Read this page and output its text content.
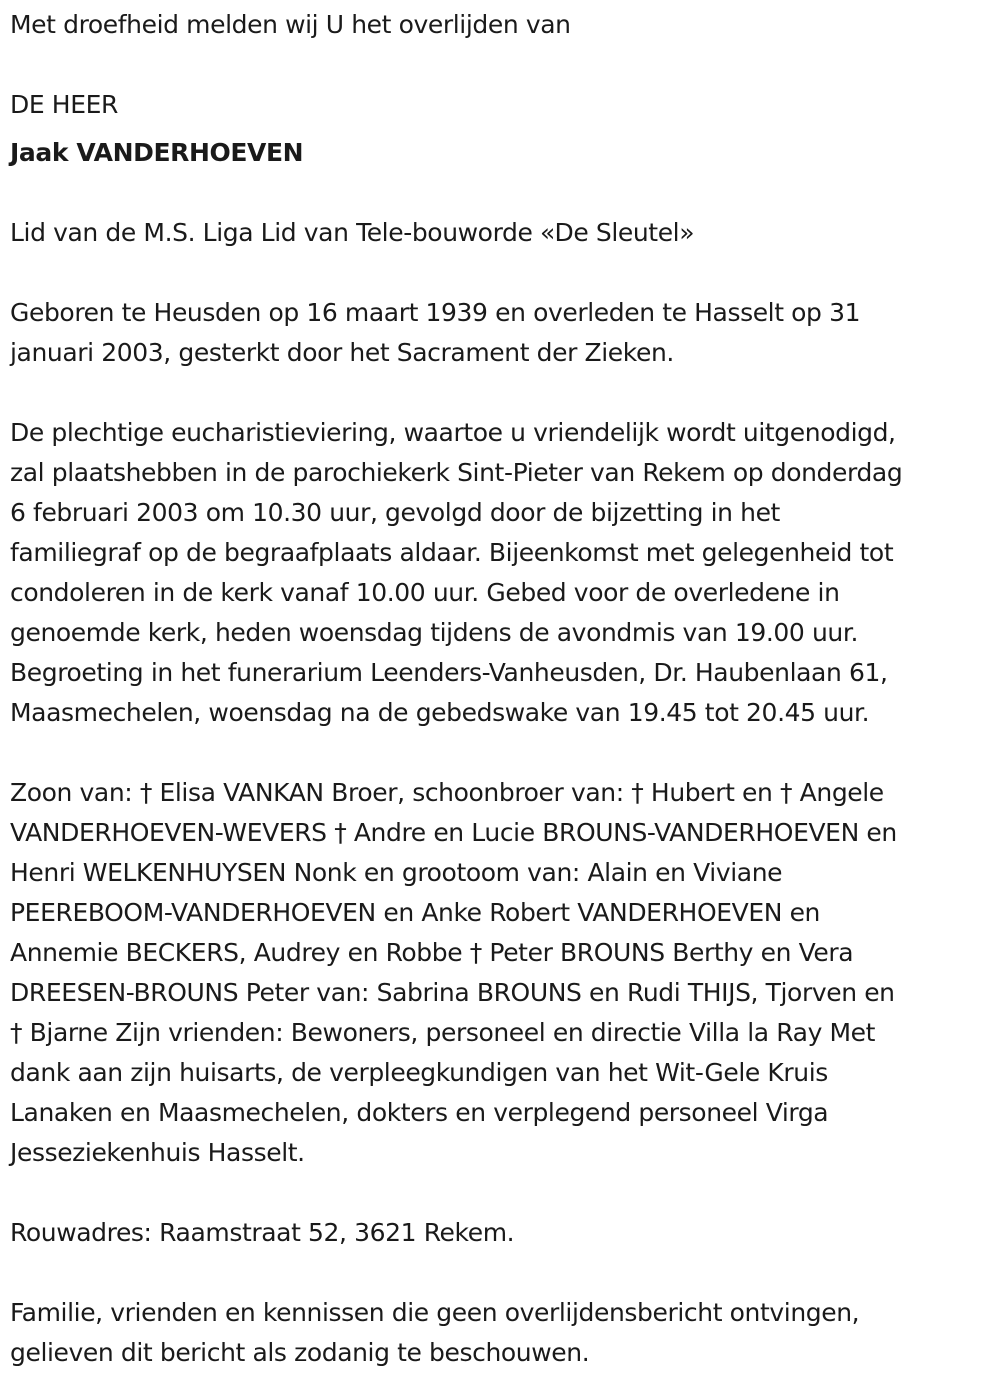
Met droefheid melden wij U het overlijden van

DE HEER

Jaak VANDERHOEVEN

Lid van de M.S. Liga Lid van Tele-bouworde «De Sleutel»

Geboren te Heusden op 16 maart 1939 en overleden te Hasselt op 31
januari 2003, gesterkt door het Sacrament der Zieken.

De plechtige eucharistieviering, waartoe u vriendelijk wordt uitgenodigd,
zal plaatshebben in de parochiekerk Sint-Pieter van Rekem op donderdag
6 februari 2003 om 10.30 uur, gevolgd door de bijzetting in het
familiegraf op de begraafplaats aldaar. Bijeenkomst met gelegenheid tot
condoleren in de kerk vanaf 10.00 uur. Gebed voor de overledene in
genoemde kerk, heden woensdag tijdens de avondmis van 19.00 uur.
Begroeting in het funerarium Leenders-Vanheusden, Dr. Haubenlaan 61,
Maasmechelen, woensdag na de gebedswake van 19.45 tot 20.45 uur.

Zoon van: † Elisa VANKAN Broer, schoonbroer van: † Hubert en † Angele
VANDERHOEVEN-WEVERS † Andre en Lucie BROUNS-VANDERHOEVEN en
Henri WELKENHUYSEN Nonk en grootoom van: Alain en Viviane
PEEREBOOM-VANDERHOEVEN en Anke Robert VANDERHOEVEN en
Annemie BECKERS, Audrey en Robbe † Peter BROUNS Berthy en Vera
DREESEN-BROUNS Peter van: Sabrina BROUNS en Rudi THIJS, Tjorven en
† Bjarne Zijn vrienden: Bewoners, personeel en directie Villa la Ray Met
dank aan zijn huisarts, de verpleegkundigen van het Wit-Gele Kruis
Lanaken en Maasmechelen, dokters en verplegend personeel Virga
Jesseziekenhuis Hasselt.

Rouwadres: Raamstraat 52, 3621 Rekem.

Familie, vrienden en kennissen die geen overlijdensbericht ontvingen,
gelieven dit bericht als zodanig te beschouwen.
